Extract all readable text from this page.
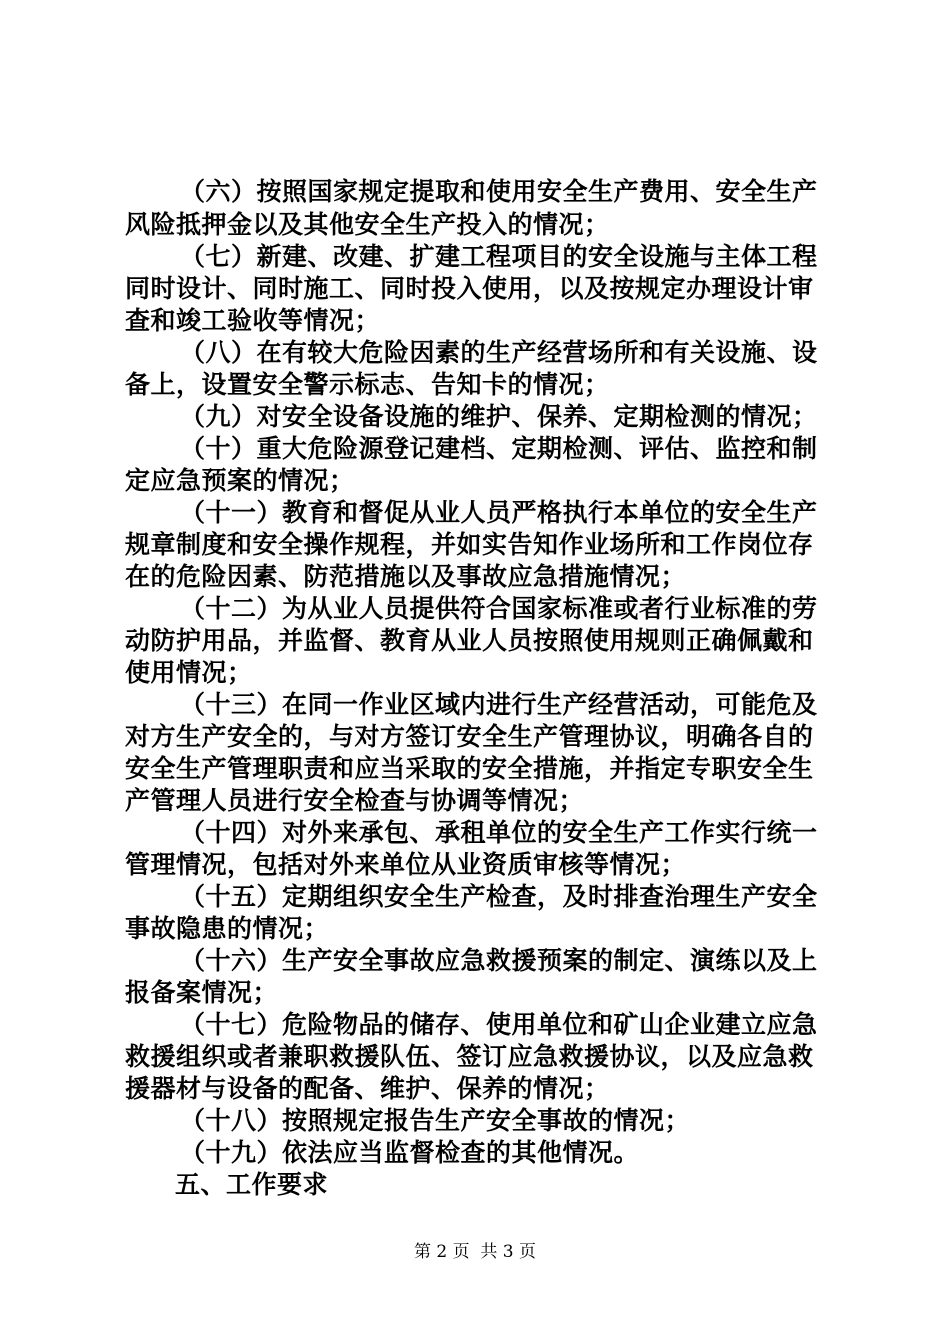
（六）按照国家规定提取和使用安全生产费用、安全生产
风险抵押金以及其他安全生产投入的情况；
（七）新建、改建、扩建工程项目的安全设施与主体工程
同时设计、同时施工、同时投入使用，以及按规定办理设计审
查和竣工验收等情况；
（八）在有较大危险因素的生产经营场所和有关设施、设
备上，设置安全警示标志、告知卡的情况；
（九）对安全设备设施的维护、保养、定期检测的情况；
（十）重大危险源登记建档、定期检测、评估、监控和制
定应急预案的情况；
（十一）教育和督促从业人员严格执行本单位的安全生产
规章制度和安全操作规程，并如实告知作业场所和工作岗位存
在的危险因素、防范措施以及事故应急措施情况；
（十二）为从业人员提供符合国家标准或者行业标准的劳
动防护用品，并监督、教育从业人员按照使用规则正确佩戴和
使用情况；
（十三）在同一作业区域内进行生产经营活动，可能危及
对方生产安全的，与对方签订安全生产管理协议，明确各自的
安全生产管理职责和应当采取的安全措施，并指定专职安全生
产管理人员进行安全检查与协调等情况；
（十四）对外来承包、承租单位的安全生产工作实行统一
管理情况，包括对外来单位从业资质审核等情况；
（十五）定期组织安全生产检查，及时排查治理生产安全
事故隐患的情况；
（十六）生产安全事故应急救援预案的制定、演练以及上
报备案情况；
（十七）危险物品的储存、使用单位和矿山企业建立应急
救援组织或者兼职救援队伍、签订应急救援协议，以及应急救
援器材与设备的配备、维护、保养的情况；
（十八）按照规定报告生产安全事故的情况；
（十九）依法应当监督检查的其他情况。
五、工作要求
第 2 页  共 3 页
